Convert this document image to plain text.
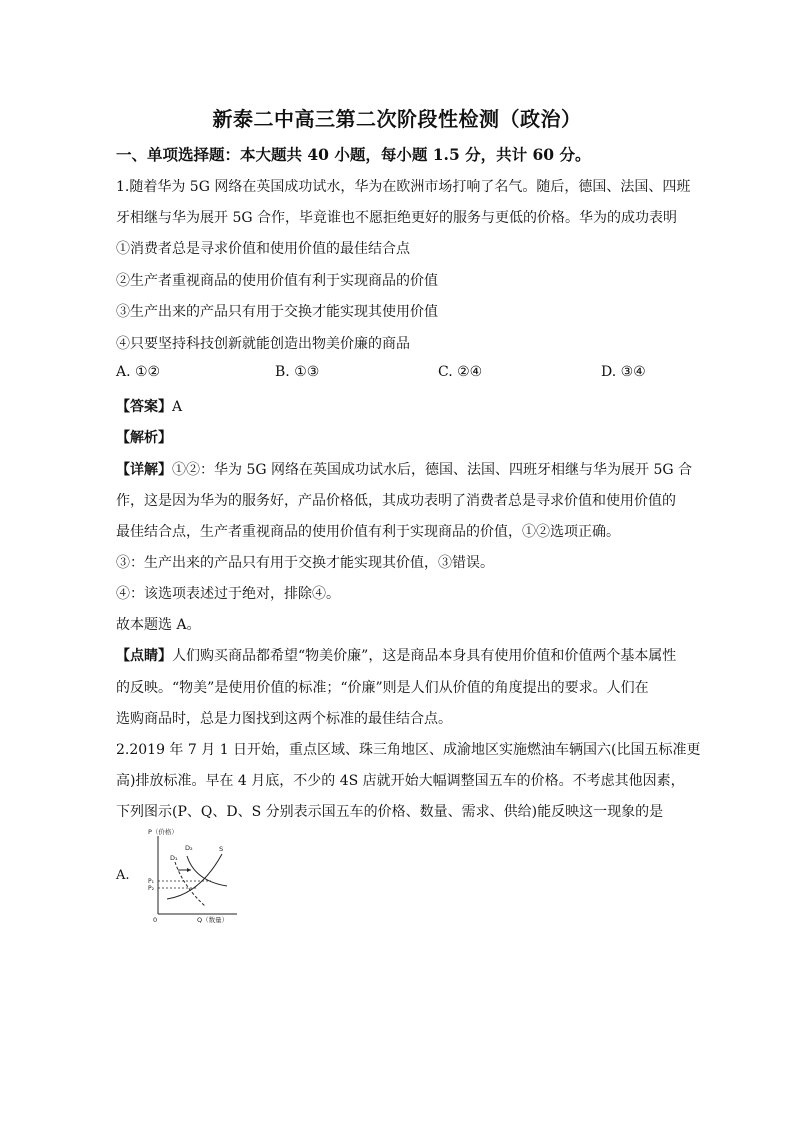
新泰二中高三第二次阶段性检测（政治）
一、单项选择题：本大题共 40 小题，每小题 1.5 分，共计 60 分。
1.随着华为 5G 网络在英国成功试水，华为在欧洲市场打响了名气。随后，德国、法国、四班
牙相继与华为展开 5G 合作，毕竟谁也不愿拒绝更好的服务与更低的价格。华为的成功表明
①消费者总是寻求价值和使用价值的最佳结合点
②生产者重视商品的使用价值有利于实现商品的价值
③生产出来的产品只有用于交换才能实现其使用价值
④只要坚持科技创新就能创造出物美价廉的商品
A. ①②	B. ①③	C. ②④	D. ③④
【答案】A
【解析】
【详解】①②：华为 5G 网络在英国成功试水后，德国、法国、四班牙相继与华为展开 5G 合
作，这是因为华为的服务好，产品价格低，其成功表明了消费者总是寻求价值和使用价值的
最佳结合点，生产者重视商品的使用价值有利于实现商品的价值，①②选项正确。
③：生产出来的产品只有用于交换才能实现其价值，③错误。
④：该选项表述过于绝对，排除④。
故本题选 A。
【点睛】人们购买商品都希望“物美价廉”，这是商品本身具有使用价值和价值两个基本属性
的反映。“物美”是使用价值的标准；“价廉”则是人们从价值的角度提出的要求。人们在
选购商品时，总是力图找到这两个标准的最佳结合点。
2.2019 年 7 月 1 日开始，重点区域、珠三角地区、成渝地区实施燃油车辆国六(比国五标准更
高)排放标准。早在 4 月底，不少的 4S 店就开始大幅调整国五车的价格。不考虑其他因素，
下列图示(P、Q、D、S 分别表示国五车的价格、数量、需求、供给)能反映这一现象的是
A.
P（价格）
Q（数量）
0
S
D₂
D₁
P₁
P₂
